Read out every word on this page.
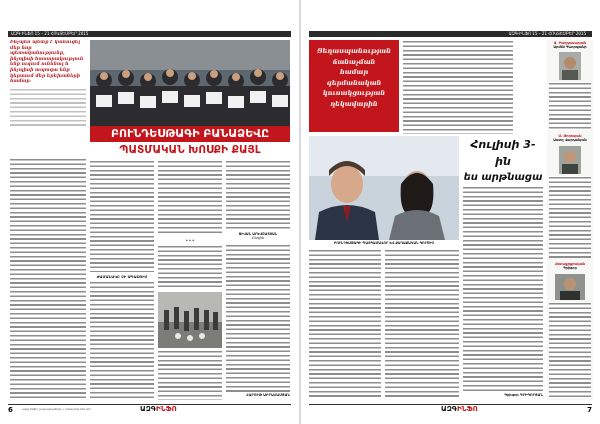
ԱԶԳ-ԻՆՖՈ 15 – 21 ՀՈԿՏԵՄԲԵՐ 2015
Ինչպես պետք է կառուցել մեր նոր պետականությունը, ինչպիսի հասարակություն ենք ուզում ունենալ և ինչպիսի ապագա ենք կերտում մեր երեխաների համար։
ԲՈՒՆԴԵՍԹԱԳԻ ԲԱՆԱՁԵՎԸ
ՊԱՏՄԱԿԱՆ ԽՈՍՔԻ ՔԱՅԼ
ԺԱՄԱՆԱԿԸ ՉԻ ՍՊԱՍՈՒՄ
* * *
ՋԻՎԱՆ ԱՐԵՎՇԱՏՅԱՆ
Բեռլին
ՀԱՐՈՒԹ ԱԲՐԱՀԱՄՅԱՆ
6	ԱԶԳԻՆՖՈ
ազգ-ինֆո շաբաթաթերթ • www.azg-info.am
ԱԶԳ-ԻՆՖՈ 15 – 21 ՀՈԿՏԵՄԲԵՐ 2015
Ցեղասպանության
ճանաչման
համար
գերմանական
կուսակցության
ղեկավարին
ԲՈՒՆԴԵՍԹԱԳԻ ՊԱՏԳԱՄԱՎՈՐ ԵՎ ՔԱՂԱՔԱԿԱՆ ԳՈՐԾԻՉ
Հուլիսի 3-ին
ես արթնացա
Գրիգոր ԳՐԻԳՈՐՅԱՆ
Ջ. Բաղդասարյան
Արմեն Գևորգյանի
Ս. Թորոսյան
Աստղ Վարդանյան
Հետաքրքրական
Գրիգոր
ԱԶԳԻՆՖՈ	7
